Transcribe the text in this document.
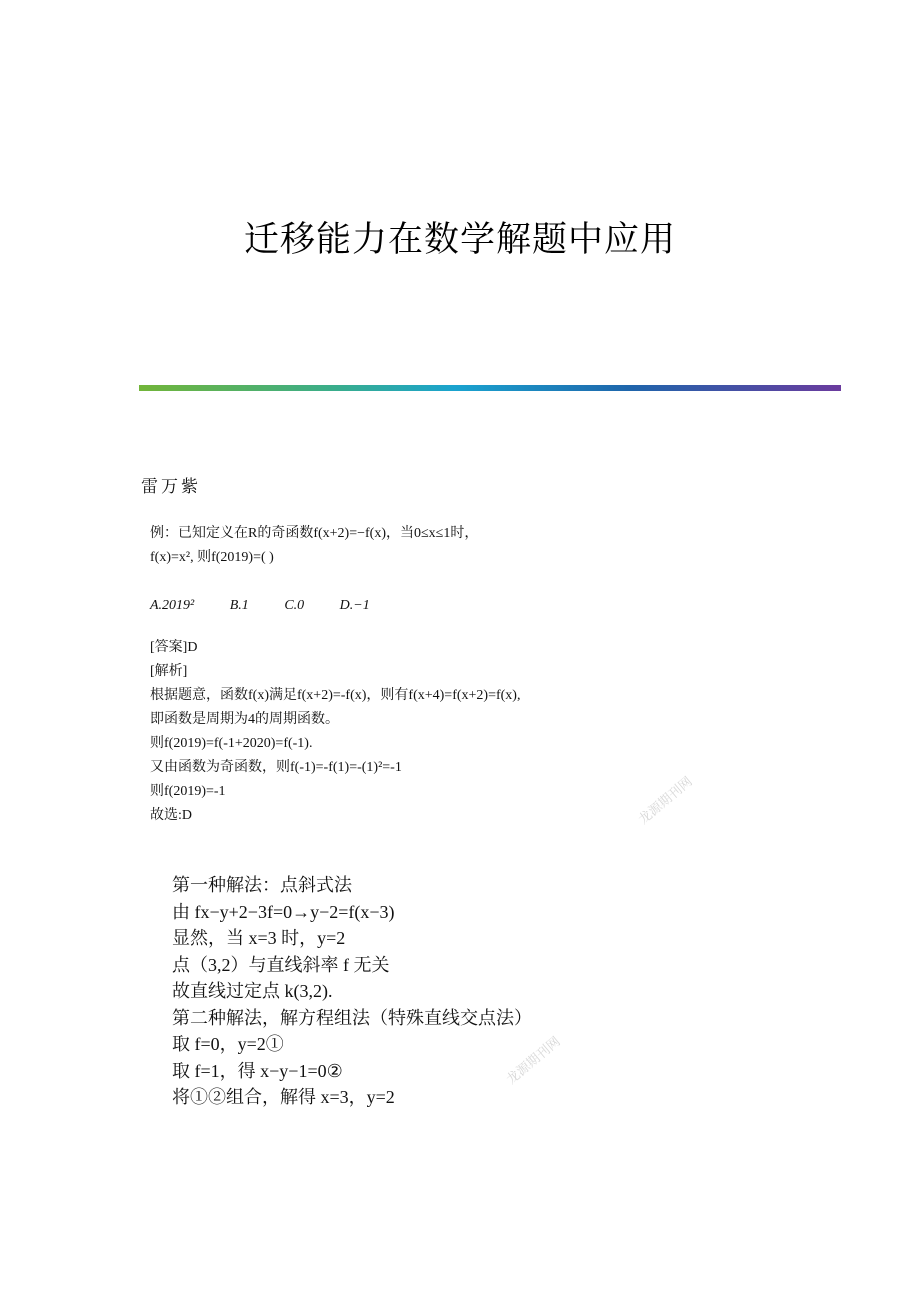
迁移能力在数学解题中应用
雷万紫
例：已知定义在R的奇函数f(x+2)=−f(x)，当0≤x≤1时，
f(x)=x², 则f(2019)=( )
A.2019²	B.1	C.0	D.−1
[答案]D
[解析]
根据题意，函数f(x)满足f(x+2)=-f(x)，则有f(x+4)=f(x+2)=f(x),
即函数是周期为4的周期函数。
则f(2019)=f(-1+2020)=f(-1).
又由函数为奇函数，则f(-1)=-f(1)=-(1)²=-1
则f(2019)=-1
故选:D	龙源期刊网
第一种解法：点斜式法
由 fx−y+2−3f=0→y−2=f(x−3)
显然，当 x=3 时，y=2
点（3,2）与直线斜率 f 无关
故直线过定点 k(3,2).
第二种解法，解方程组法（特殊直线交点法）
取 f=0，y=2①
取 f=1，得 x−y−1=0②
将①②组合，解得 x=3，y=2
龙源期刊网
